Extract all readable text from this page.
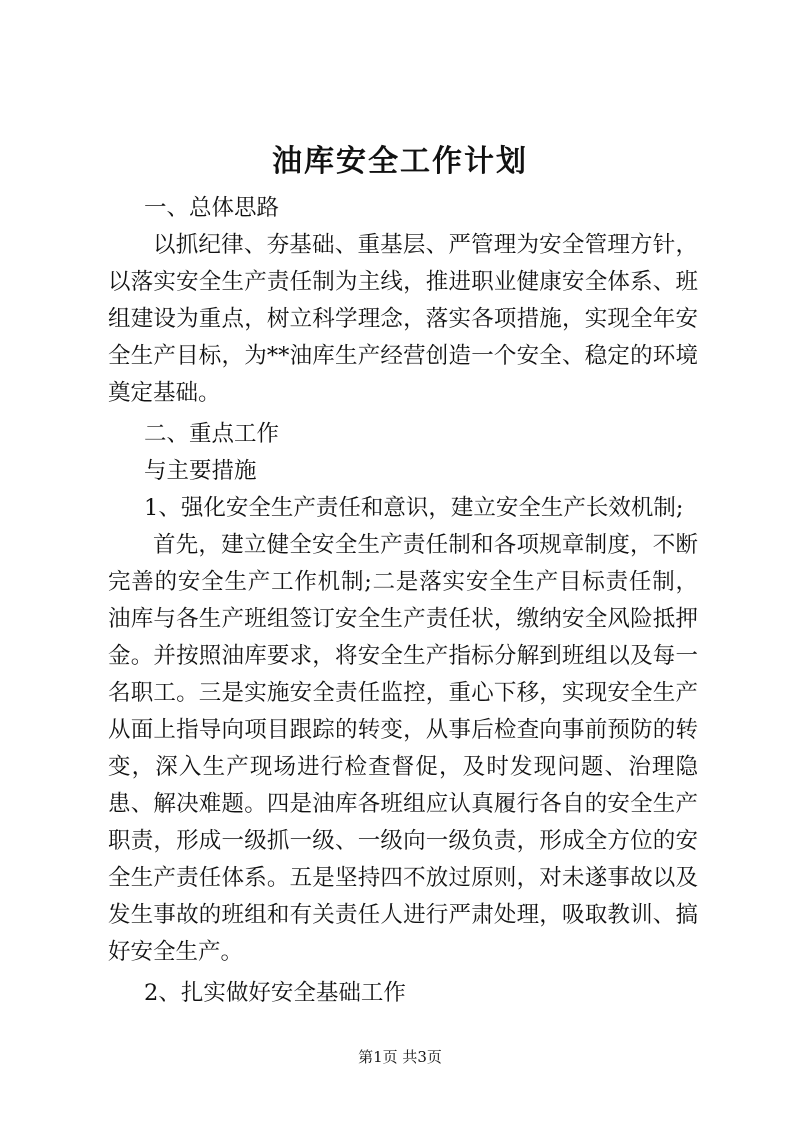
油库安全工作计划

一、总体思路

以抓纪律、夯基础、重基层、严管理为安全管理方针，以落实安全生产责任制为主线，推进职业健康安全体系、班组建设为重点，树立科学理念，落实各项措施，实现全年安全生产目标，为**油库生产经营创造一个安全、稳定的环境奠定基础。

二、重点工作

与主要措施

1、强化安全生产责任和意识，建立安全生产长效机制;

首先，建立健全安全生产责任制和各项规章制度，不断完善的安全生产工作机制;二是落实安全生产目标责任制，油库与各生产班组签订安全生产责任状，缴纳安全风险抵押金。并按照油库要求，将安全生产指标分解到班组以及每一名职工。三是实施安全责任监控，重心下移，实现安全生产从面上指导向项目跟踪的转变，从事后检查向事前预防的转变，深入生产现场进行检查督促，及时发现问题、治理隐患、解决难题。四是油库各班组应认真履行各自的安全生产职责，形成一级抓一级、一级向一级负责，形成全方位的安全生产责任体系。五是坚持四不放过原则，对未遂事故以及发生事故的班组和有关责任人进行严肃处理，吸取教训、搞好安全生产。

2、扎实做好安全基础工作

第1页 共3页
